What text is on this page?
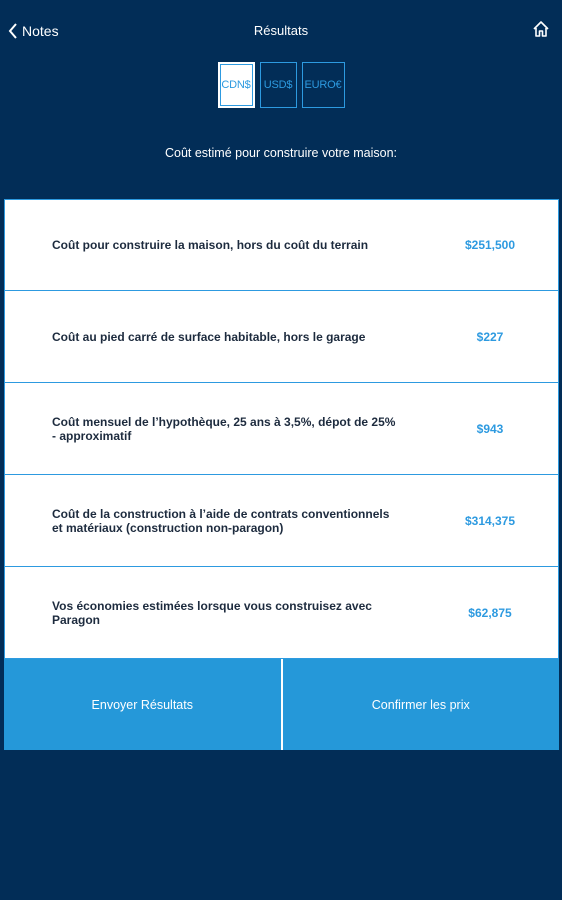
Notes	Résultats
CDN$	USD$	EURO€
Coût estimé pour construire votre maison:
Coût pour construire la maison, hors du coût du terrain	$251,500
Coût au pied carré de surface habitable, hors le garage	$227
Coût mensuel de l’hypothèque, 25 ans à 3,5%, dépot de 25% - approximatif	$943
Coût de la construction à l’aide de contrats conventionnels et matériaux (construction non-paragon)	$314,375
Vos économies estimées lorsque vous construisez avec Paragon	$62,875
Envoyer Résultats	Confirmer les prix
